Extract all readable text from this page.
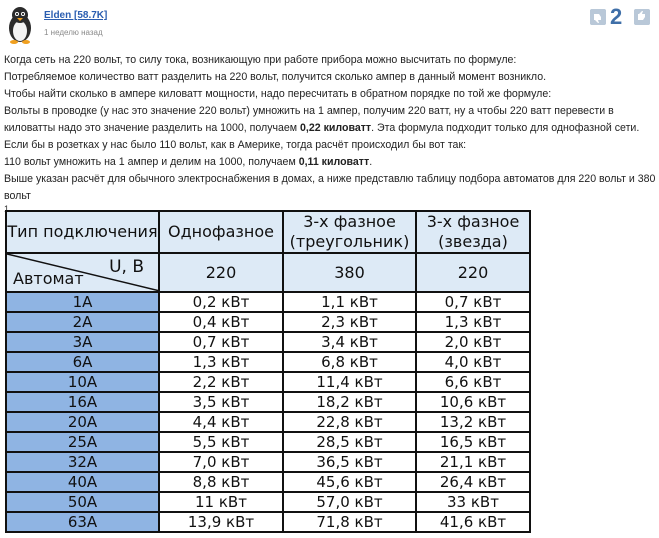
Elden [58.7K]
1 неделю назад
2

Когда сеть на 220 вольт, то силу тока, возникающую при работе прибора можно высчитать по формуле:

Потребляемое количество ватт разделить на 220 вольт, получится сколько ампер в данный момент возникло.

Чтобы найти сколько в ампере киловатт мощности, надо пересчитать в обратном порядке по той же формуле:

Вольты в проводке (у нас это значение 220 вольт) умножить на 1 ампер, получим 220 ватт, ну а чтобы 220 ватт перевести в киловатты надо это значение разделить на 1000, получаем 0,22 киловатт. Эта формула подходит только для однофазной сети.

Если бы в розетках у нас было 110 вольт, как в Америке, тогда расчёт происходил бы вот так:

110 вольт умножить на 1 ампер и делим на 1000, получаем 0,11 киловатт.

Выше указан расчёт для обычного электроснабжения в домах, а ниже представлю таблицу подбора автоматов для 220 вольт и 380 вольт

1
Тип подключения	Однофазное	3-х фазное (треугольник)	3-х фазное (звезда)

U, В
Автомат	220	380	220
1А	0,2 кВт	1,1 кВт	0,7 кВт
2А	0,4 кВт	2,3 кВт	1,3 кВт
3А	0,7 кВт	3,4 кВт	2,0 кВт
6А	1,3 кВт	6,8 кВт	4,0 кВт
10А	2,2 кВт	11,4 кВт	6,6 кВт
16А	3,5 кВт	18,2 кВт	10,6 кВт
20А	4,4 кВт	22,8 кВт	13,2 кВт
25А	5,5 кВт	28,5 кВт	16,5 кВт
32А	7,0 кВт	36,5 кВт	21,1 кВт
40А	8,8 кВт	45,6 кВт	26,4 кВт
50А	11 кВт	57,0 кВт	33 кВт
63А	13,9 кВт	71,8 кВт	41,6 кВт
